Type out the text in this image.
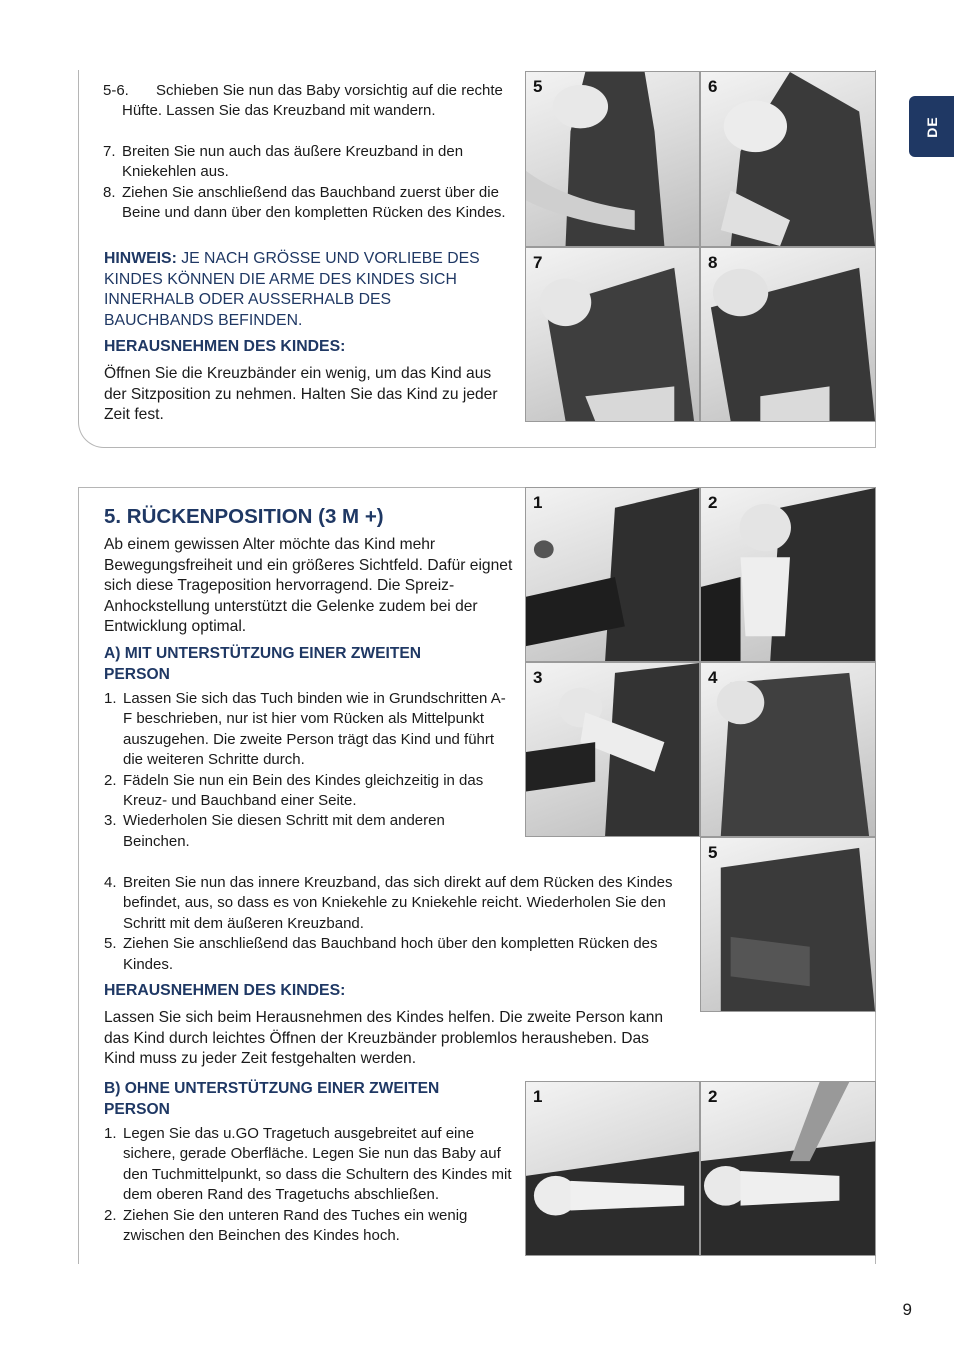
DE
5-6.	Schieben Sie nun das Baby vorsichtig auf die rechte Hüfte. Lassen Sie das Kreuzband mit wandern.
7. Breiten Sie nun auch das äußere Kreuzband in den Kniekehlen aus.
8. Ziehen Sie anschließend das Bauchband zuerst über die Beine und dann über den kompletten Rücken des Kindes.
HINWEIS: JE NACH GRÖSSE UND VORLIEBE DES KINDES KÖNNEN DIE ARME DES KINDES SICH INNERHALB ODER AUSSERHALB DES BAUCHBANDS BEFINDEN.
HERAUSNEHMEN DES KINDES:
Öffnen Sie die Kreuzbänder ein wenig, um das Kind aus der Sitzposition zu nehmen. Halten Sie das Kind zu jeder Zeit fest.
5	6
7	8
5. RÜCKENPOSITION (3 M +)
Ab einem gewissen Alter möchte das Kind mehr Bewegungsfreiheit und ein größeres Sichtfeld. Dafür eignet sich diese Trageposition hervorragend. Die Spreiz-Anhockstellung unterstützt die Gelenke zudem bei der Entwicklung optimal.
A) MIT UNTERSTÜTZUNG EINER ZWEITEN PERSON
1. Lassen Sie sich das Tuch binden wie in Grundschritten A-F beschrieben, nur ist hier vom Rücken als Mittelpunkt auszugehen. Die zweite Person trägt das Kind und führt die weiteren Schritte durch.
2. Fädeln Sie nun ein Bein des Kindes gleichzeitig in das Kreuz- und Bauchband einer Seite.
3. Wiederholen Sie diesen Schritt mit dem anderen Beinchen.
4. Breiten Sie nun das innere Kreuzband, das sich direkt auf dem Rücken des Kindes befindet, aus, so dass es von Kniekehle zu Kniekehle reicht. Wiederholen Sie den Schritt mit dem äußeren Kreuzband.
5. Ziehen Sie anschließend das Bauchband hoch über den kompletten Rücken des Kindes.
HERAUSNEHMEN DES KINDES:
Lassen Sie sich beim Herausnehmen des Kindes helfen. Die zweite Person kann das Kind durch leichtes Öffnen der Kreuzbänder problemlos herausheben. Das Kind muss zu jeder Zeit festgehalten werden.
B) OHNE UNTERSTÜTZUNG EINER ZWEITEN PERSON
1. Legen Sie das u.GO Tragetuch ausgebreitet auf eine sichere, gerade Oberfläche. Legen Sie nun das Baby auf den Tuchmittelpunkt, so dass die Schultern des Kindes mit dem oberen Rand des Tragetuchs abschließen.
2. Ziehen Sie den unteren Rand des Tuches ein wenig zwischen den Beinchen des Kindes hoch.
1	2
3	4
5
1	2
9
